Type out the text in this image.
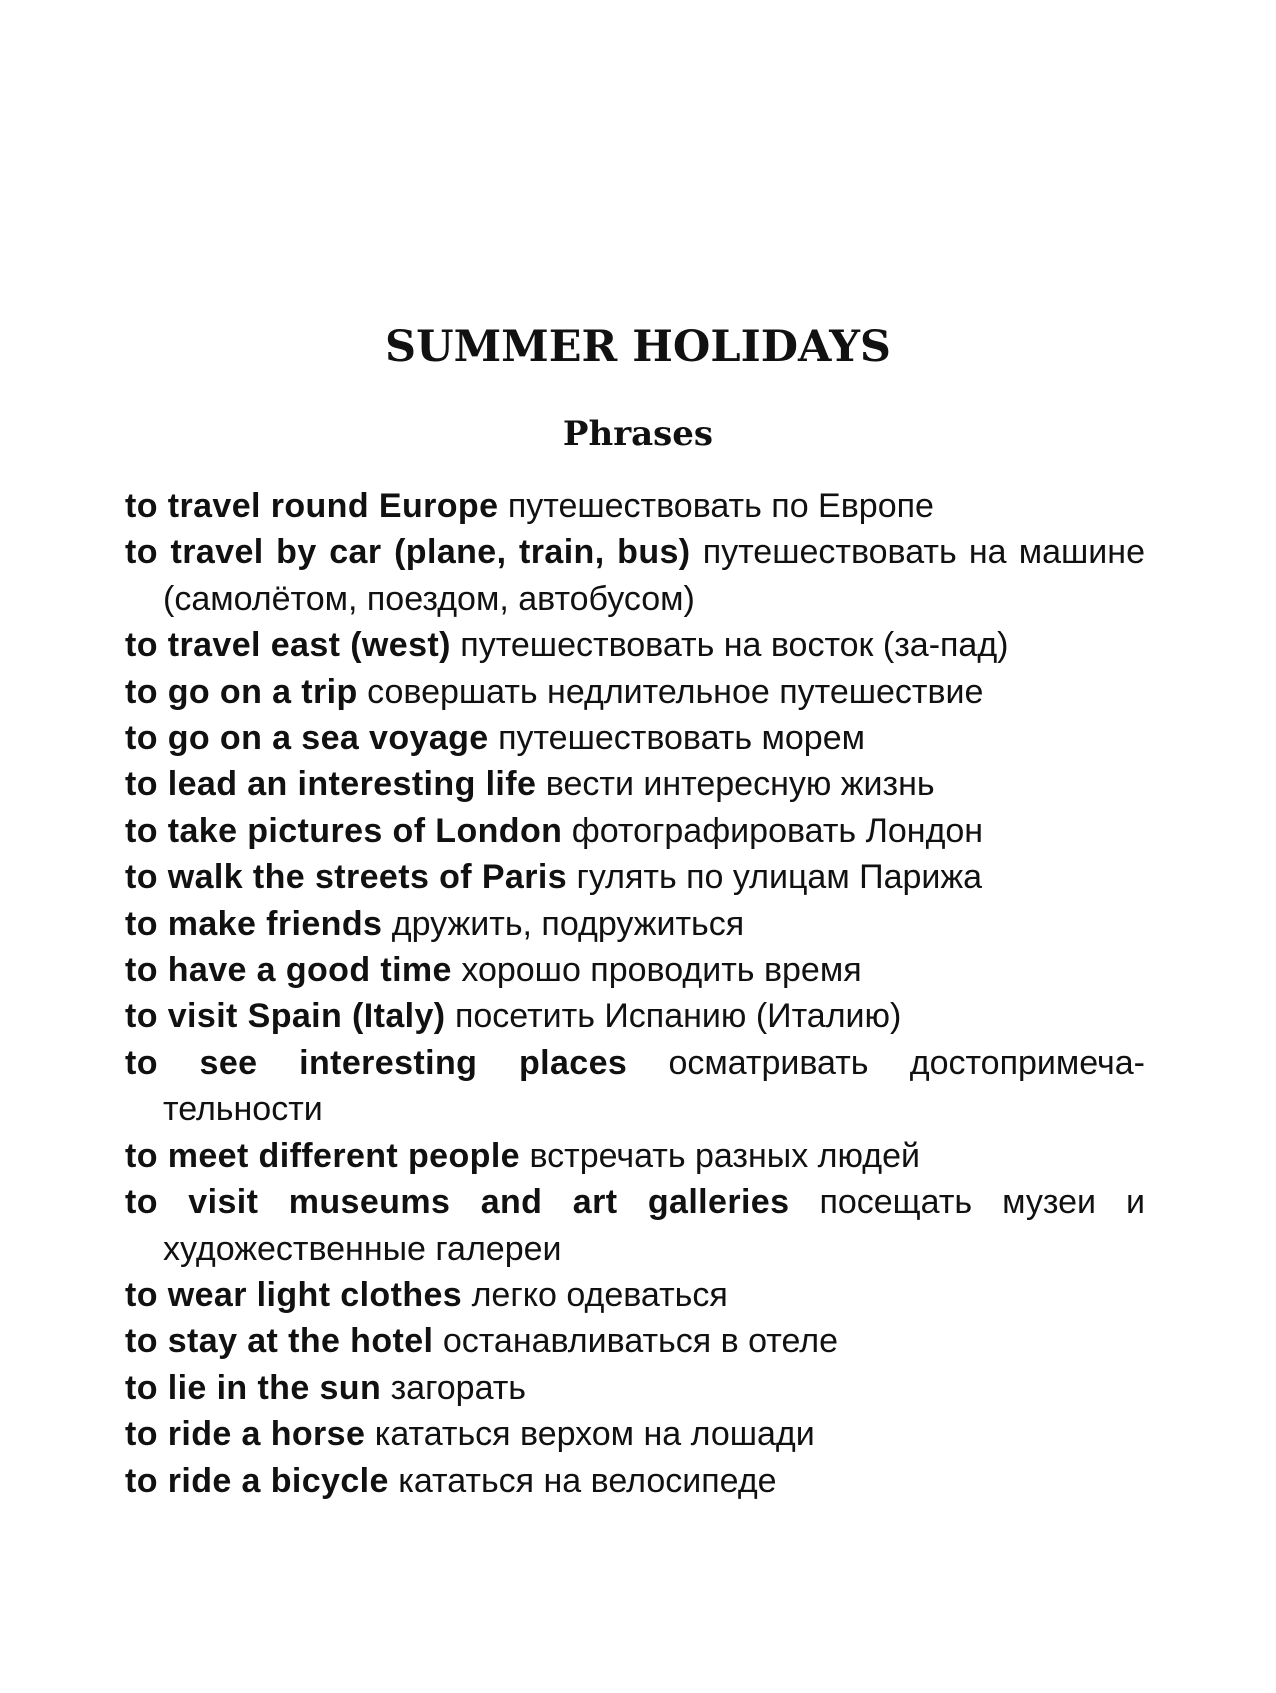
SUMMER HOLIDAYS
Phrases
to travel round Europe путешествовать по Европе
to travel by car (plane, train, bus) путешествовать на машине (самолётом, поездом, автобусом)
to travel east (west) путешествовать на восток (за-пад)
to go on a trip совершать недлительное путешествие
to go on a sea voyage путешествовать морем
to lead an interesting life вести интересную жизнь
to take pictures of London фотографировать Лондон
to walk the streets of Paris гулять по улицам Парижа
to make friends дружить, подружиться
to have a good time хорошо проводить время
to visit Spain (Italy) посетить Испанию (Италию)
to see interesting places осматривать достопримеча-тельности
to meet different people встречать разных людей
to visit museums and art galleries посещать музеи и художественные галереи
to wear light clothes легко одеваться
to stay at the hotel останавливаться в отеле
to lie in the sun загорать
to ride a horse кататься верхом на лошади
to ride a bicycle кататься на велосипеде
